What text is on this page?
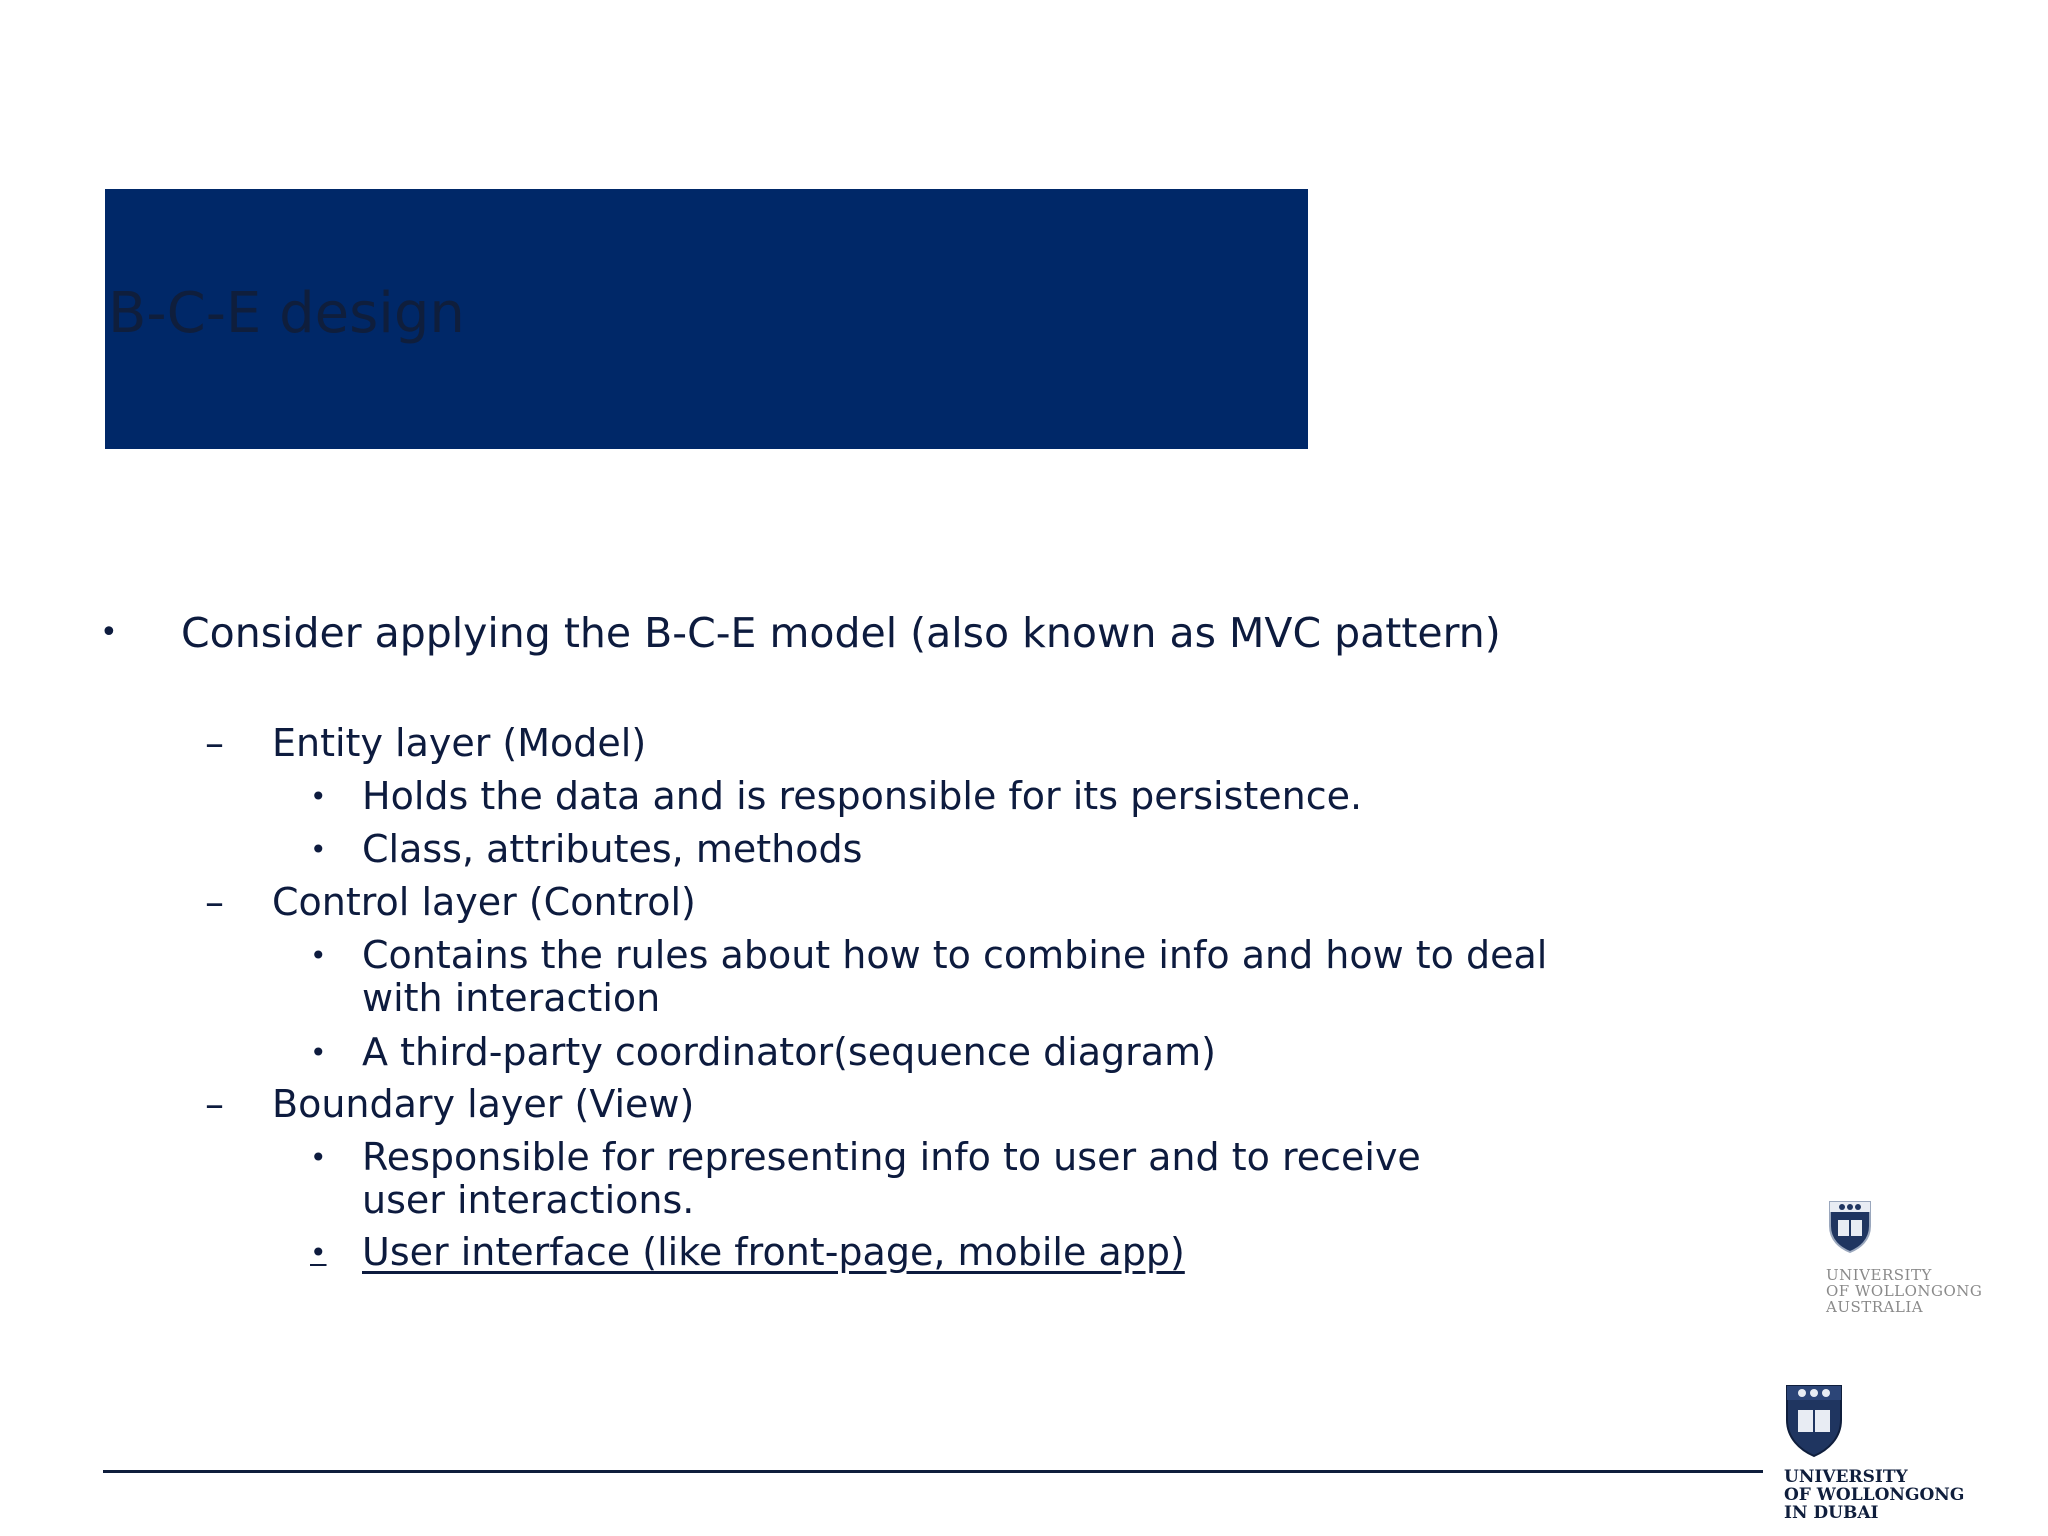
B-C-E design
• Consider applying the B-C-E model (also known as MVC pattern)
– Entity layer (Model)
• Holds the data and is responsible for its persistence.
• Class, attributes, methods
– Control layer (Control)
• Contains the rules about how to combine info and how to deal with interaction
• A third-party coordinator(sequence diagram)
– Boundary layer (View)
• Responsible for representing info to user and to receive user interactions.
• User interface (like front-page, mobile app)
UNIVERSITY
OF WOLLONGONG
AUSTRALIA
UNIVERSITY
OF WOLLONGONG
IN DUBAI
